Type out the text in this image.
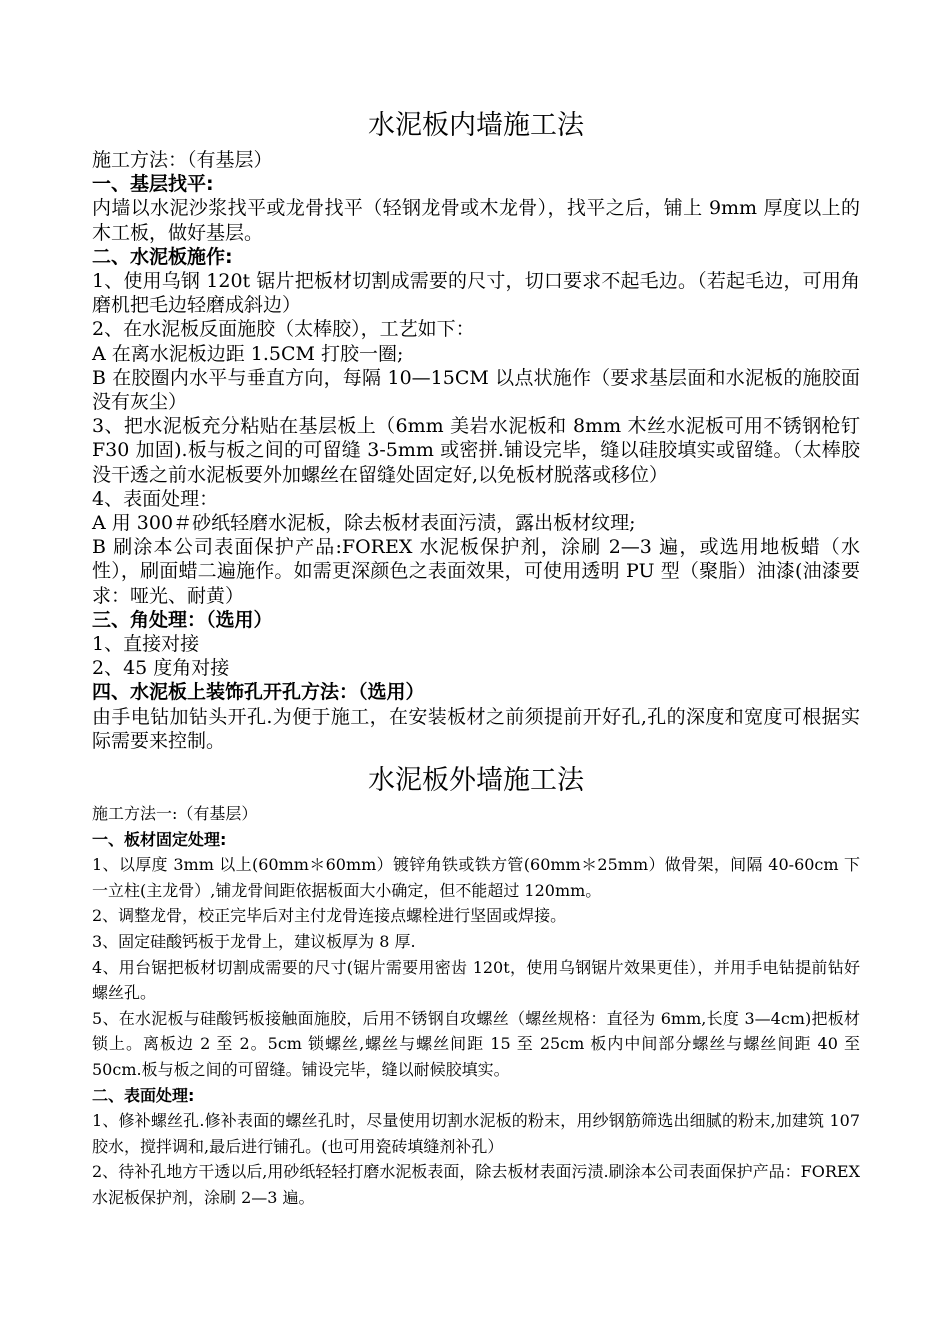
水泥板内墙施工法

施工方法：（有基层）

一、基层找平:

内墙以水泥沙浆找平或龙骨找平（轻钢龙骨或木龙骨），找平之后，铺上 9mm 厚度以上的木工板，做好基层。

二、水泥板施作:

1、使用乌钢 120t 锯片把板材切割成需要的尺寸，切口要求不起毛边。（若起毛边，可用角磨机把毛边轻磨成斜边）

2、在水泥板反面施胶（太棒胶），工艺如下：

A 在离水泥板边距 1.5CM 打胶一圈;

B 在胶圈内水平与垂直方向，每隔 10—15CM 以点状施作（要求基层面和水泥板的施胶面没有灰尘）

3、把水泥板充分粘贴在基层板上（6mm 美岩水泥板和 8mm 木丝水泥板可用不锈钢枪钉 F30 加固).板与板之间的可留缝 3-5mm 或密拼.铺设完毕，缝以硅胶填实或留缝。（太棒胶没干透之前水泥板要外加螺丝在留缝处固定好,以免板材脱落或移位）

4、表面处理：

A 用 300＃砂纸轻磨水泥板，除去板材表面污渍，露出板材纹理;

B 刷涂本公司表面保护产品:FOREX 水泥板保护剂，涂刷 2—3 遍，或选用地板蜡（水性），刷面蜡二遍施作。如需更深颜色之表面效果，可使用透明 PU 型（聚脂）油漆(油漆要求：哑光、耐黄）

三、角处理：（选用）

1、直接对接

2、45 度角对接

四、水泥板上装饰孔开孔方法：（选用）

由手电钻加钻头开孔.为便于施工，在安装板材之前须提前开好孔,孔的深度和宽度可根据实际需要来控制。

水泥板外墙施工法

施工方法一:（有基层）

一、板材固定处理:

1、以厚度 3mm 以上(60mm＊60mm）镀锌角铁或铁方管(60mm＊25mm）做骨架，间隔 40-60cm 下一立柱(主龙骨）,铺龙骨间距依据板面大小确定，但不能超过 120mm。

2、调整龙骨，校正完毕后对主付龙骨连接点螺栓进行坚固或焊接。

3、固定硅酸钙板于龙骨上，建议板厚为 8 厚.

4、用台锯把板材切割成需要的尺寸(锯片需要用密齿 120t，使用乌钢锯片效果更佳），并用手电钻提前钻好螺丝孔。

5、在水泥板与硅酸钙板接触面施胶，后用不锈钢自攻螺丝（螺丝规格：直径为 6mm,长度 3—4cm)把板材锁上。离板边 2 至 2。5cm 锁螺丝,螺丝与螺丝间距 15 至 25cm 板内中间部分螺丝与螺丝间距 40 至 50cm.板与板之间的可留缝。铺设完毕，缝以耐候胶填实。

二、表面处理:

1、修补螺丝孔.修补表面的螺丝孔时，尽量使用切割水泥板的粉末，用纱钢筋筛选出细腻的粉末,加建筑 107 胶水，搅拌调和,最后进行铺孔。(也可用瓷砖填缝剂补孔）

2、待补孔地方干透以后,用砂纸轻轻打磨水泥板表面，除去板材表面污渍.刷涂本公司表面保护产品：FOREX 水泥板保护剂，涂刷 2—3 遍。
